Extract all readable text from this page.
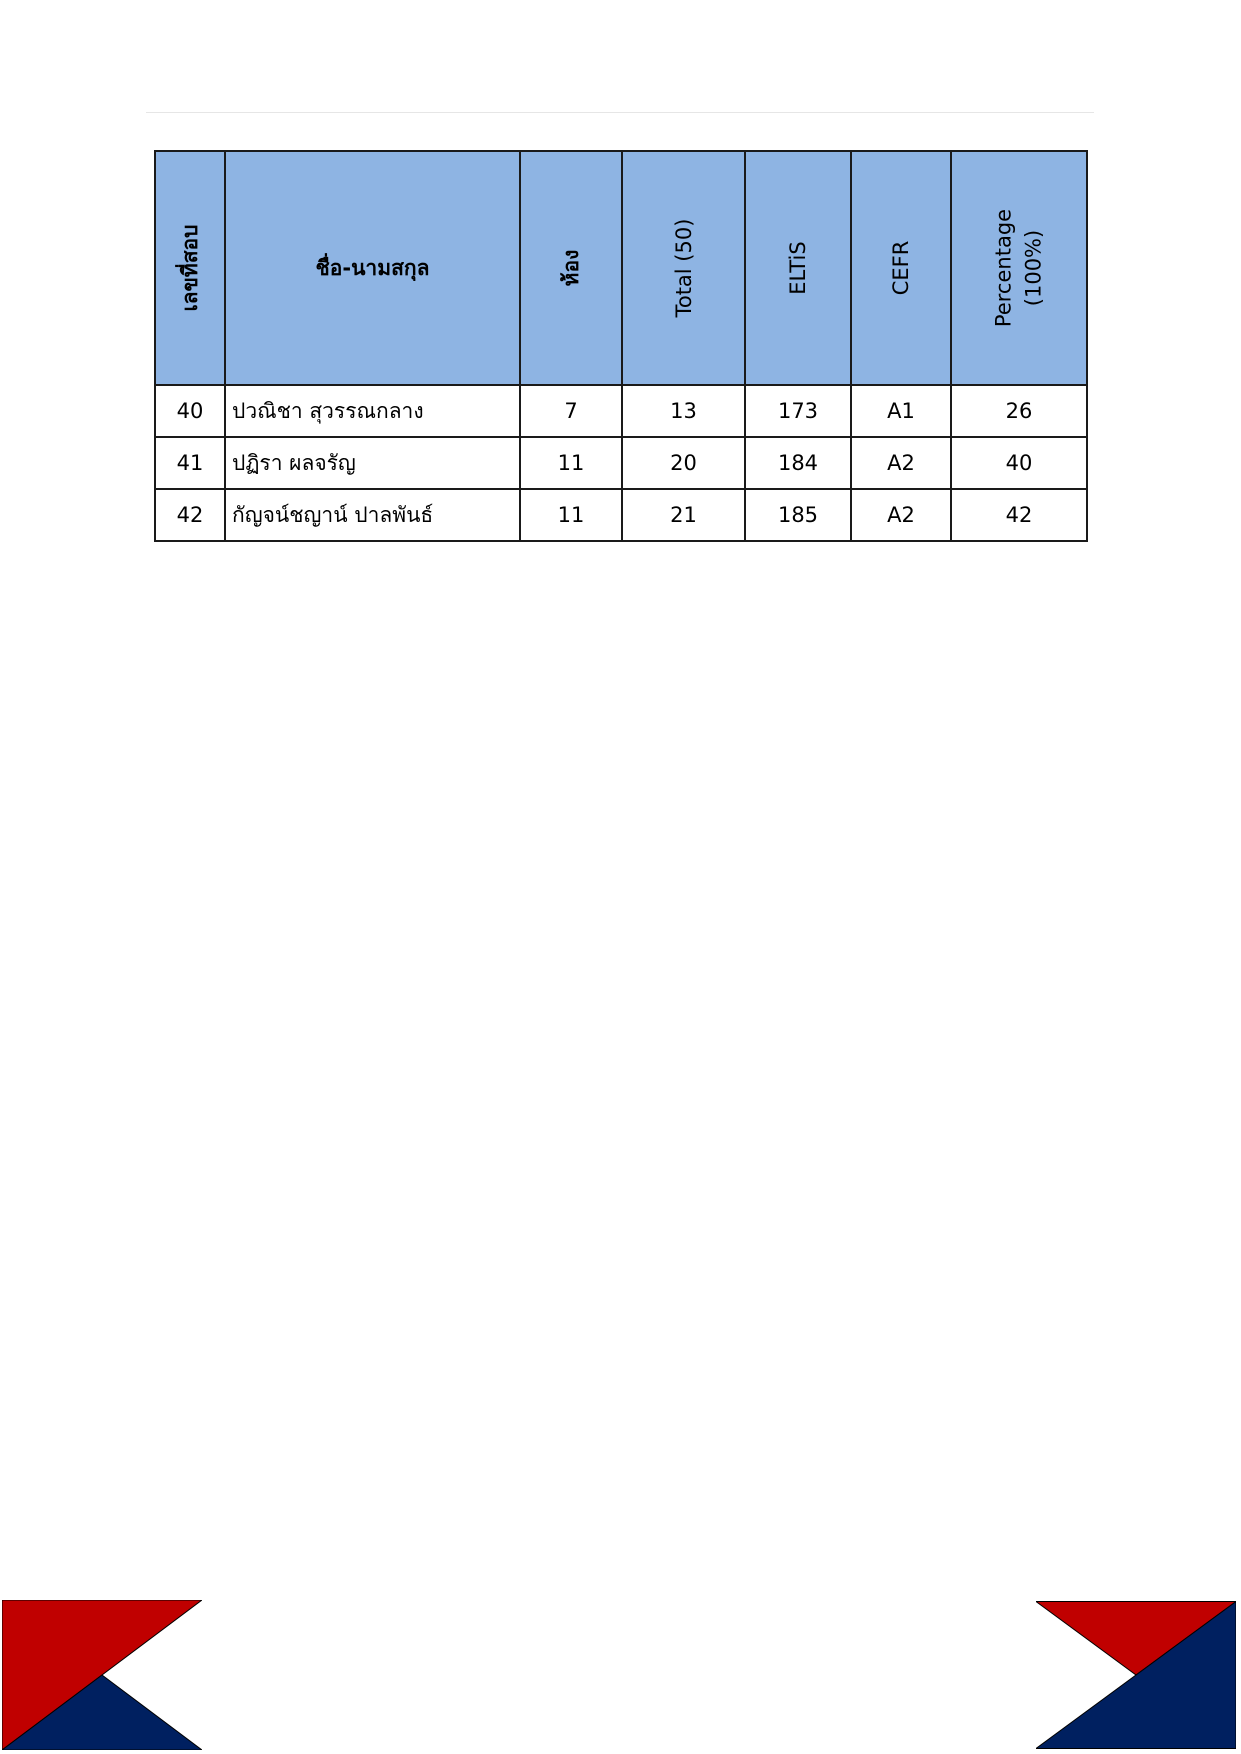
เลขที่สอบ	ชื่อ-นามสกุล	ห้อง	Total (50)	ELTiS	CEFR	Percentage (100%)

40	ปวณิชา สุวรรณกลาง	7	13	173	A1	26
41	ปฏิรา ผลจรัญ	11	20	184	A2	40
42	กัญจน์ชญาน์ ปาลพันธ์	11	21	185	A2	42
